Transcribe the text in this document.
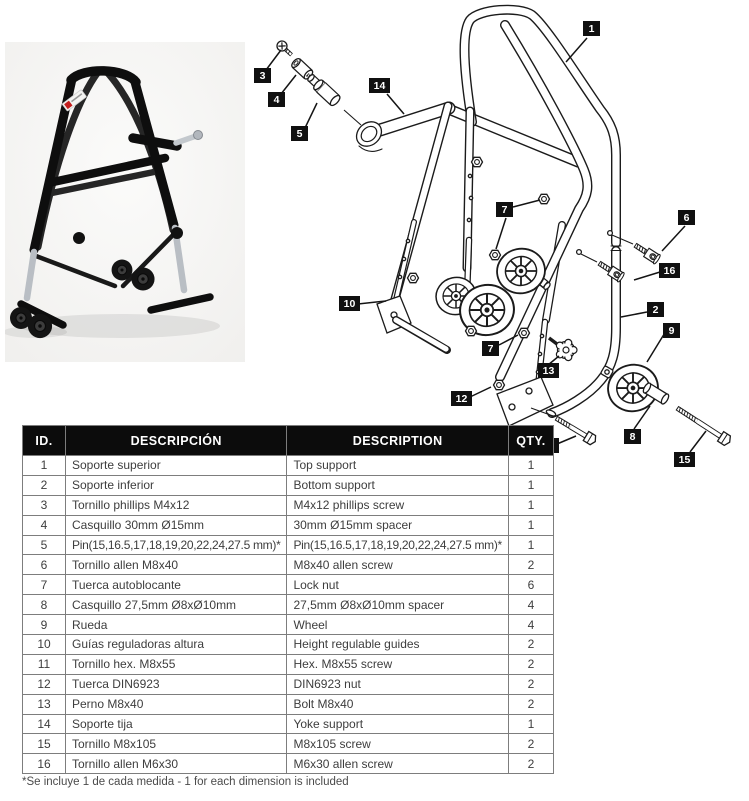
1
2
3
4
5
6
7
7
8
9
10
12
13
14
15
16
ID.	DESCRIPCIÓN	DESCRIPTION	QTY.
1	Soporte superior	Top support	1
2	Soporte inferior	Bottom support	1
3	Tornillo phillips M4x12	M4x12 phillips screw	1
4	Casquillo 30mm Ø15mm	30mm Ø15mm spacer	1
5	Pin(15,16.5,17,18,19,20,22,24,27.5 mm)*	Pin(15,16.5,17,18,19,20,22,24,27.5 mm)*	1
6	Tornillo allen M8x40	M8x40 allen screw	2
7	Tuerca autoblocante	Lock nut	6
8	Casquillo 27,5mm Ø8xØ10mm	27,5mm Ø8xØ10mm spacer	4
9	Rueda	Wheel	4
10	Guías reguladoras altura	Height regulable guides	2
11	Tornillo hex. M8x55	Hex. M8x55 screw	2
12	Tuerca DIN6923	DIN6923 nut	2
13	Perno M8x40	Bolt M8x40	2
14	Soporte tija	Yoke support	1
15	Tornillo M8x105	M8x105 screw	2
16	Tornillo allen M6x30	M6x30 allen screw	2
*Se incluye 1 de cada medida - 1 for each dimension is included
